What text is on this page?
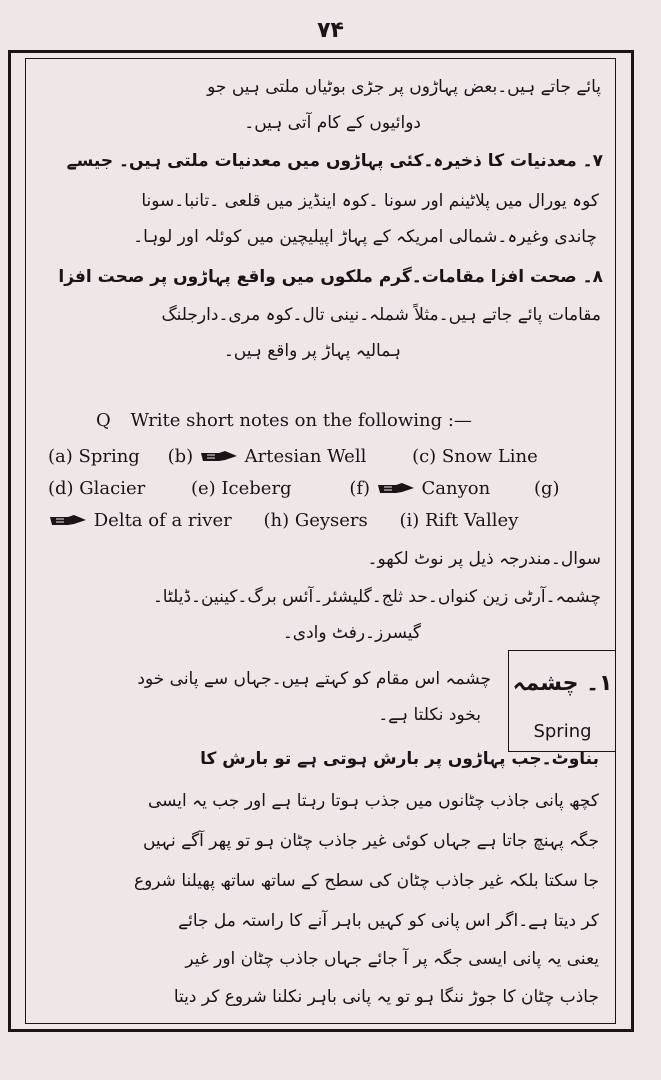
۷۴
پائے جاتے ہیں۔بعض پہاڑوں پر جڑی بوٹیاں ملتی ہیں جو
دوائیوں کے کام آتی ہیں۔
۷۔ معدنیات کا ذخیرہ۔کئی پہاڑوں میں معدنیات ملتی ہیں۔ جیسے
کوہ یورال میں پلاٹینم اور سونا ۔کوہ اینڈیز میں قلعی ۔تانبا۔سونا
چاندی وغیرہ۔شمالی امریکہ کے پہاڑ اپیلیچین میں کوئلہ اور لوہا۔
۸۔ صحت افزا مقامات۔گرم ملکوں میں واقع پہاڑوں پر صحت افزا
مقامات پائے جاتے ہیں۔مثلاً شملہ۔نینی تال۔کوہ مری۔دارجلنگ
ہمالیہ پہاڑ پر واقع ہیں۔
Q Write short notes on the following :—
(a) Spring (b)	Artesian Well	(c) Snow Line
(d) Glacier	(e) Iceberg	(f)	Canyon (g)
Delta of a river (h) Geysers (i) Rift Valley
سوال۔مندرجہ ذیل پر نوٹ لکھو۔
چشمہ۔آرٹی زین کنواں۔حد ثلج۔گلیشئر۔آئس برگ۔کینین۔ڈیلٹا۔
گیسرز۔رفٹ وادی۔
۱۔ چشمہ
Spring
چشمہ اس مقام کو کہتے ہیں۔جہاں سے پانی خود
بخود نکلتا ہے۔
بناوٹ۔جب پہاڑوں پر بارش ہوتی ہے تو بارش کا
کچھ پانی جاذب چٹانوں میں جذب ہوتا رہتا ہے اور جب یہ ایسی
جگہ پہنچ جاتا ہے جہاں کوئی غیر جاذب چٹان ہو تو پھر آگے نہیں
جا سکتا بلکہ غیر جاذب چٹان کی سطح کے ساتھ ساتھ پھیلنا شروع
کر دیتا ہے۔اگر اس پانی کو کہیں باہر آنے کا راستہ مل جائے
یعنی یہ پانی ایسی جگہ پر آ جائے جہاں جاذب چٹان اور غیر
جاذب چٹان کا جوڑ ننگا ہو تو یہ پانی باہر نکلنا شروع کر دیتا
